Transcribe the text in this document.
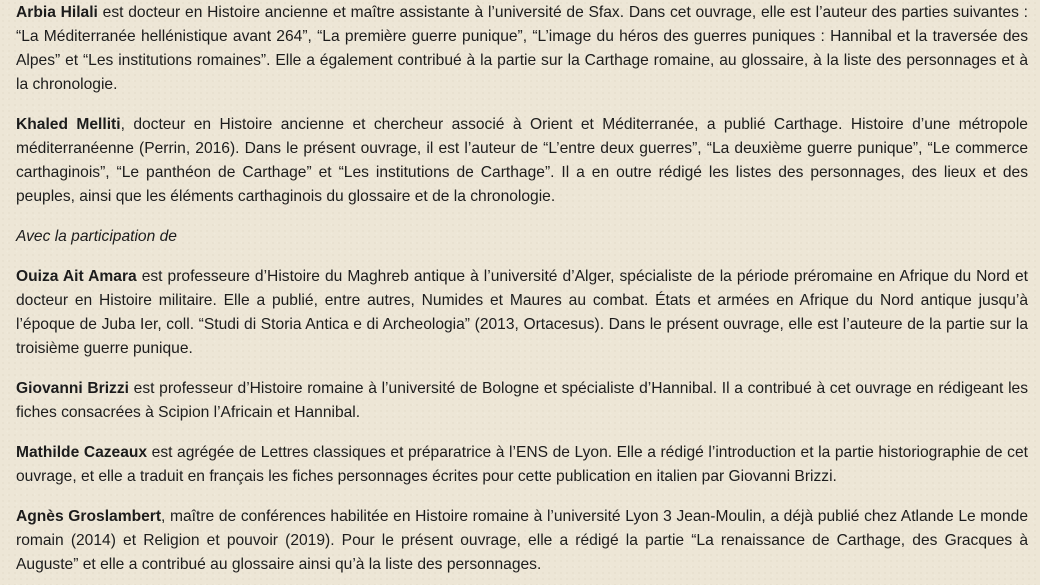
Arbia Hilali est docteur en Histoire ancienne et maître assistante à l’université de Sfax. Dans cet ouvrage, elle est l’auteur des parties suivantes : “La Méditerranée hellénistique avant 264”, “La première guerre punique”, “L’image du héros des guerres puniques : Hannibal et la traversée des Alpes” et “Les institutions romaines”. Elle a également contribué à la partie sur la Carthage romaine, au glossaire, à la liste des personnages et à la chronologie.

Khaled Melliti, docteur en Histoire ancienne et chercheur associé à Orient et Méditerranée, a publié Carthage. Histoire d’une métropole méditerranéenne (Perrin, 2016). Dans le présent ouvrage, il est l’auteur de “L’entre deux guerres”, “La deuxième guerre punique”, “Le commerce carthaginois”, “Le panthéon de Carthage” et “Les institutions de Carthage”. Il a en outre rédigé les listes des personnages, des lieux et des peuples, ainsi que les éléments carthaginois du glossaire et de la chronologie.

Avec la participation de

Ouiza Ait Amara est professeure d’Histoire du Maghreb antique à l’université d’Alger, spécialiste de la période préromaine en Afrique du Nord et docteur en Histoire militaire. Elle a publié, entre autres, Numides et Maures au combat. États et armées en Afrique du Nord antique jusqu’à l’époque de Juba Ier, coll. “Studi di Storia Antica e di Archeologia” (2013, Ortacesus). Dans le présent ouvrage, elle est l’auteure de la partie sur la troisième guerre punique.

Giovanni Brizzi est professeur d’Histoire romaine à l’université de Bologne et spécialiste d’Hannibal. Il a contribué à cet ouvrage en rédigeant les fiches consacrées à Scipion l’Africain et Hannibal.

Mathilde Cazeaux est agrégée de Lettres classiques et préparatrice à l’ENS de Lyon. Elle a rédigé l’introduction et la partie historiographie de cet ouvrage, et elle a traduit en français les fiches personnages écrites pour cette publication en italien par Giovanni Brizzi.

Agnès Groslambert, maître de conférences habilitée en Histoire romaine à l’université Lyon 3 Jean-Moulin, a déjà publié chez Atlande Le monde romain (2014) et Religion et pouvoir (2019). Pour le présent ouvrage, elle a rédigé la partie “La renaissance de Carthage, des Gracques à Auguste” et elle a contribué au glossaire ainsi qu’à la liste des personnages.
